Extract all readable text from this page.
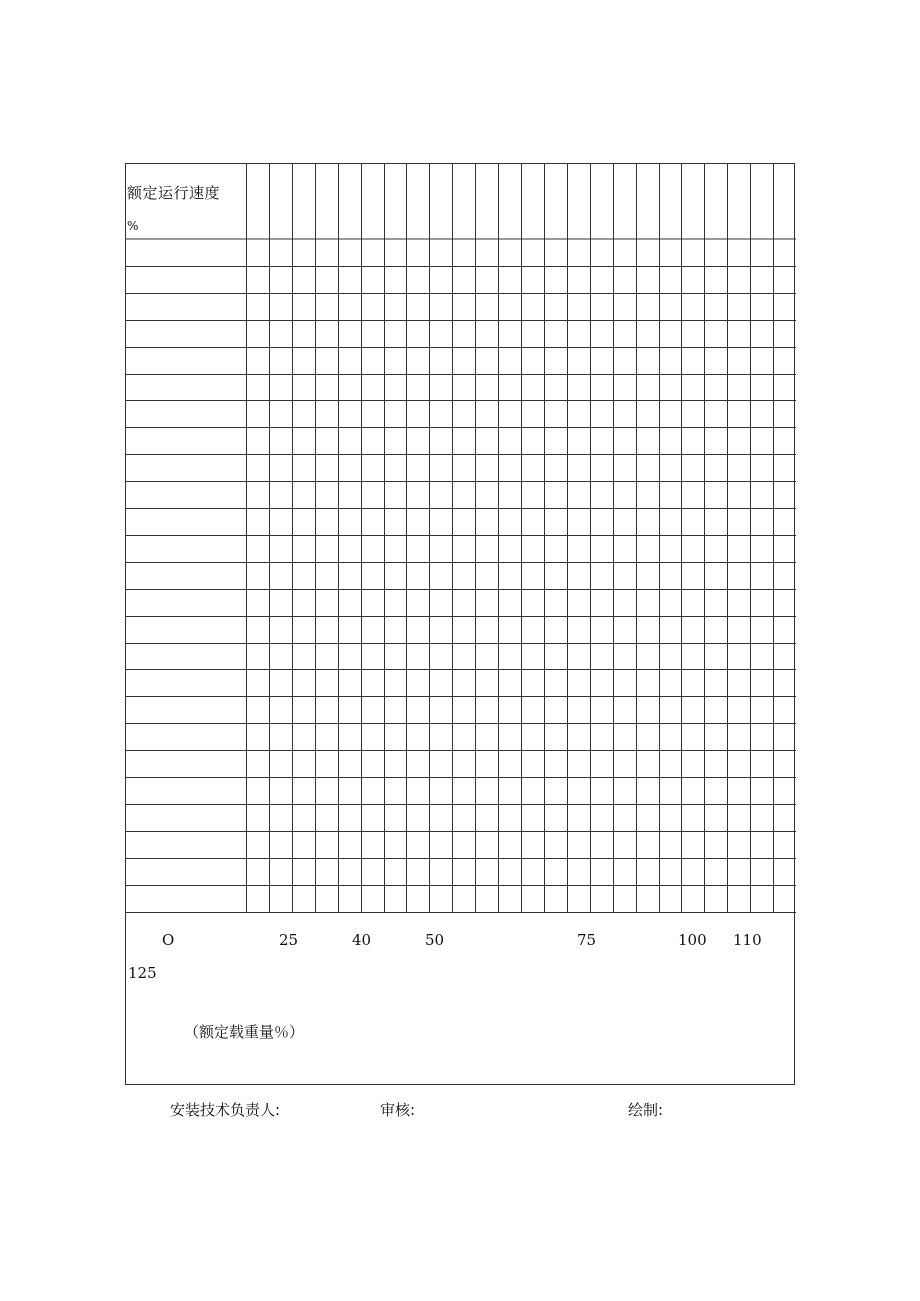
额定运行速度
%
O	25	40	50	75	100 110
125
（额定载重量％）
安装技术负责人:	审核:	绘制:
